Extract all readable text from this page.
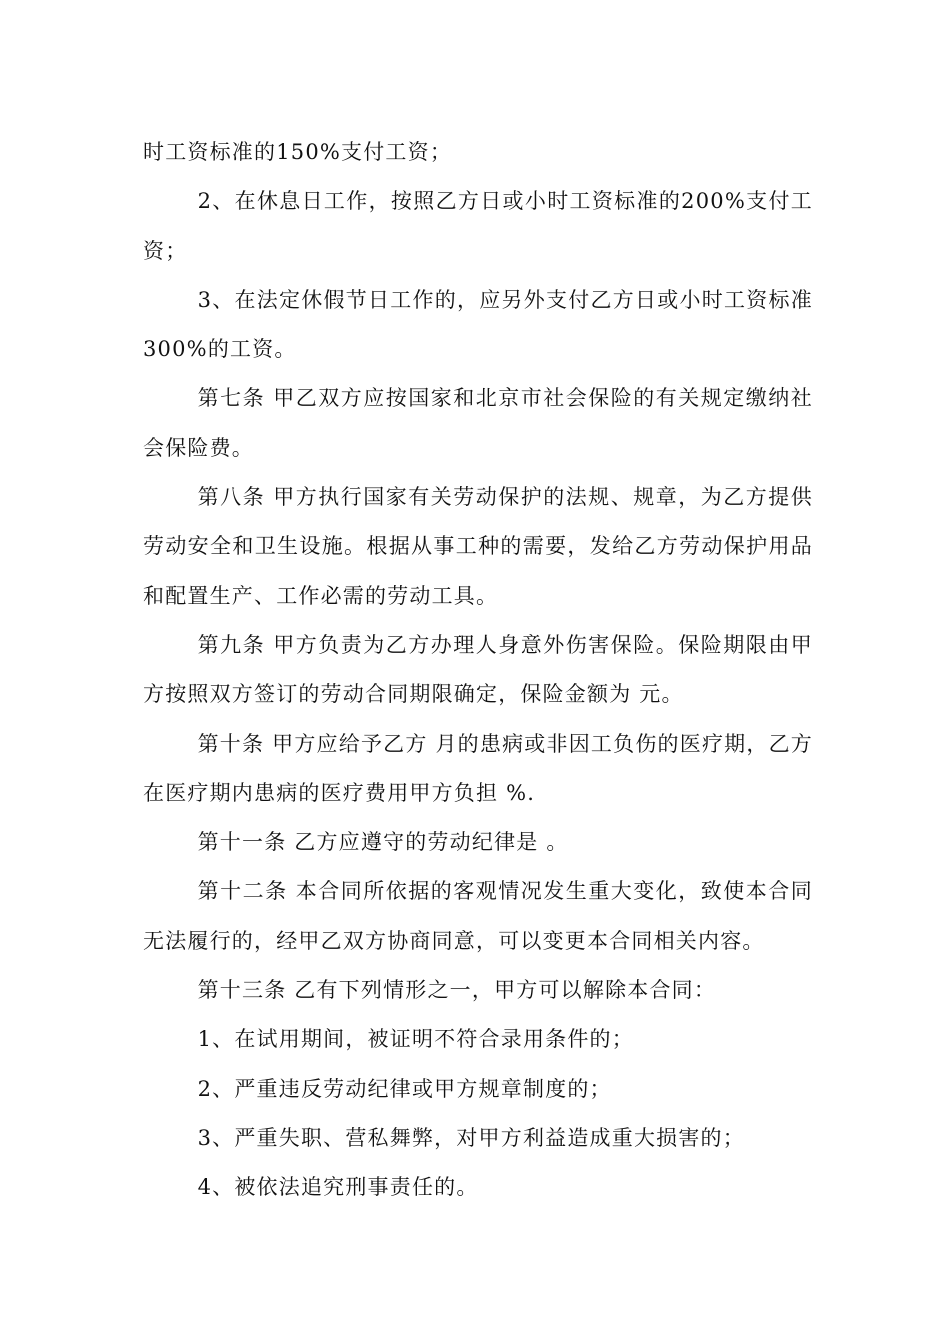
时工资标准的150%支付工资；

2、在休息日工作，按照乙方日或小时工资标准的200%支付工资；

3、在法定休假节日工作的，应另外支付乙方日或小时工资标准300%的工资。

第七条 甲乙双方应按国家和北京市社会保险的有关规定缴纳社会保险费。

第八条 甲方执行国家有关劳动保护的法规、规章，为乙方提供劳动安全和卫生设施。根据从事工种的需要，发给乙方劳动保护用品和配置生产、工作必需的劳动工具。

第九条 甲方负责为乙方办理人身意外伤害保险。保险期限由甲方按照双方签订的劳动合同期限确定，保险金额为 元。

第十条 甲方应给予乙方 月的患病或非因工负伤的医疗期，乙方在医疗期内患病的医疗费用甲方负担 %.

第十一条 乙方应遵守的劳动纪律是 。

第十二条 本合同所依据的客观情况发生重大变化，致使本合同无法履行的，经甲乙双方协商同意，可以变更本合同相关内容。

第十三条 乙有下列情形之一，甲方可以解除本合同：

1、在试用期间，被证明不符合录用条件的；

2、严重违反劳动纪律或甲方规章制度的；

3、严重失职、营私舞弊，对甲方利益造成重大损害的；

4、被依法追究刑事责任的。
